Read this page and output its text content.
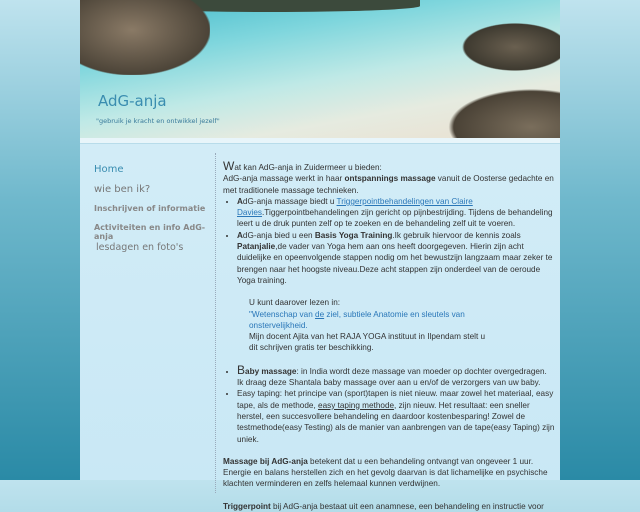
AdG-anja
"gebruik je kracht en ontwikkel jezelf"
Home
wie ben ik?
Inschrijven of informatie
Activiteiten en info AdG-anja
lesdagen en foto's

Wat kan AdG-anja in Zuidermeer u bieden:

AdG-anja massage werkt in haar ontspannings massage vanuit de Oosterse gedachte en met traditionele massage technieken.

• AdG-anja massage biedt u Triggerpointbehandelingen van Claire Davies.Tiggerpointbehandelingen zijn gericht op pijnbestrijding. Tijdens de behandeling leert u de druk punten zelf op te zoeken en de behandeling zelf uit te voeren.
• AdG-anja bied u een Basis Yoga Training.Ik gebruik hiervoor de kennis zoals Patanjalie,de vader van Yoga hem aan ons heeft doorgegeven. Hierin zijn acht duidelijke en opeenvolgende stappen nodig om het bewustzijn langzaam maar zeker te brengen naar het hoogste niveau.Deze acht stappen zijn onderdeel van de oeroude Yoga training.

U kunt daarover lezen in:

"Wetenschap van de ziel, subtiele Anatomie en sleutels van onstervelijkheid.

Mijn docent Ajita van het RAJA YOGA instituut in Ilpendam stelt u dit schrijven gratis ter beschikking.

• Baby massage: in India wordt deze massage van moeder op dochter overgedragen.
Ik draag deze Shantala baby massage over aan u en/of de verzorgers van uw baby.
• Easy taping: het principe van (sport)tapen is niet nieuw. maar zowel het materiaal, easy tape, als de methode, easy taping methode, zijn nieuw. Het resultaat: een sneller herstel, een succesvollere behandeling en daardoor kostenbesparing! Zowel de testmethode(easy Testing) als de manier van aanbrengen van de tape(easy Taping) zijn uniek.

Massage bij AdG-anja betekent dat u een behandeling ontvangt van ongeveer 1 uur. Energie en balans herstellen zich en het gevolg daarvan is dat lichamelijke en psychische klachten verminderen en zelfs helemaal kunnen verdwijnen.

Triggerpoint bij AdG-anja bestaat uit een anamnese, een behandeling en instructie voor
